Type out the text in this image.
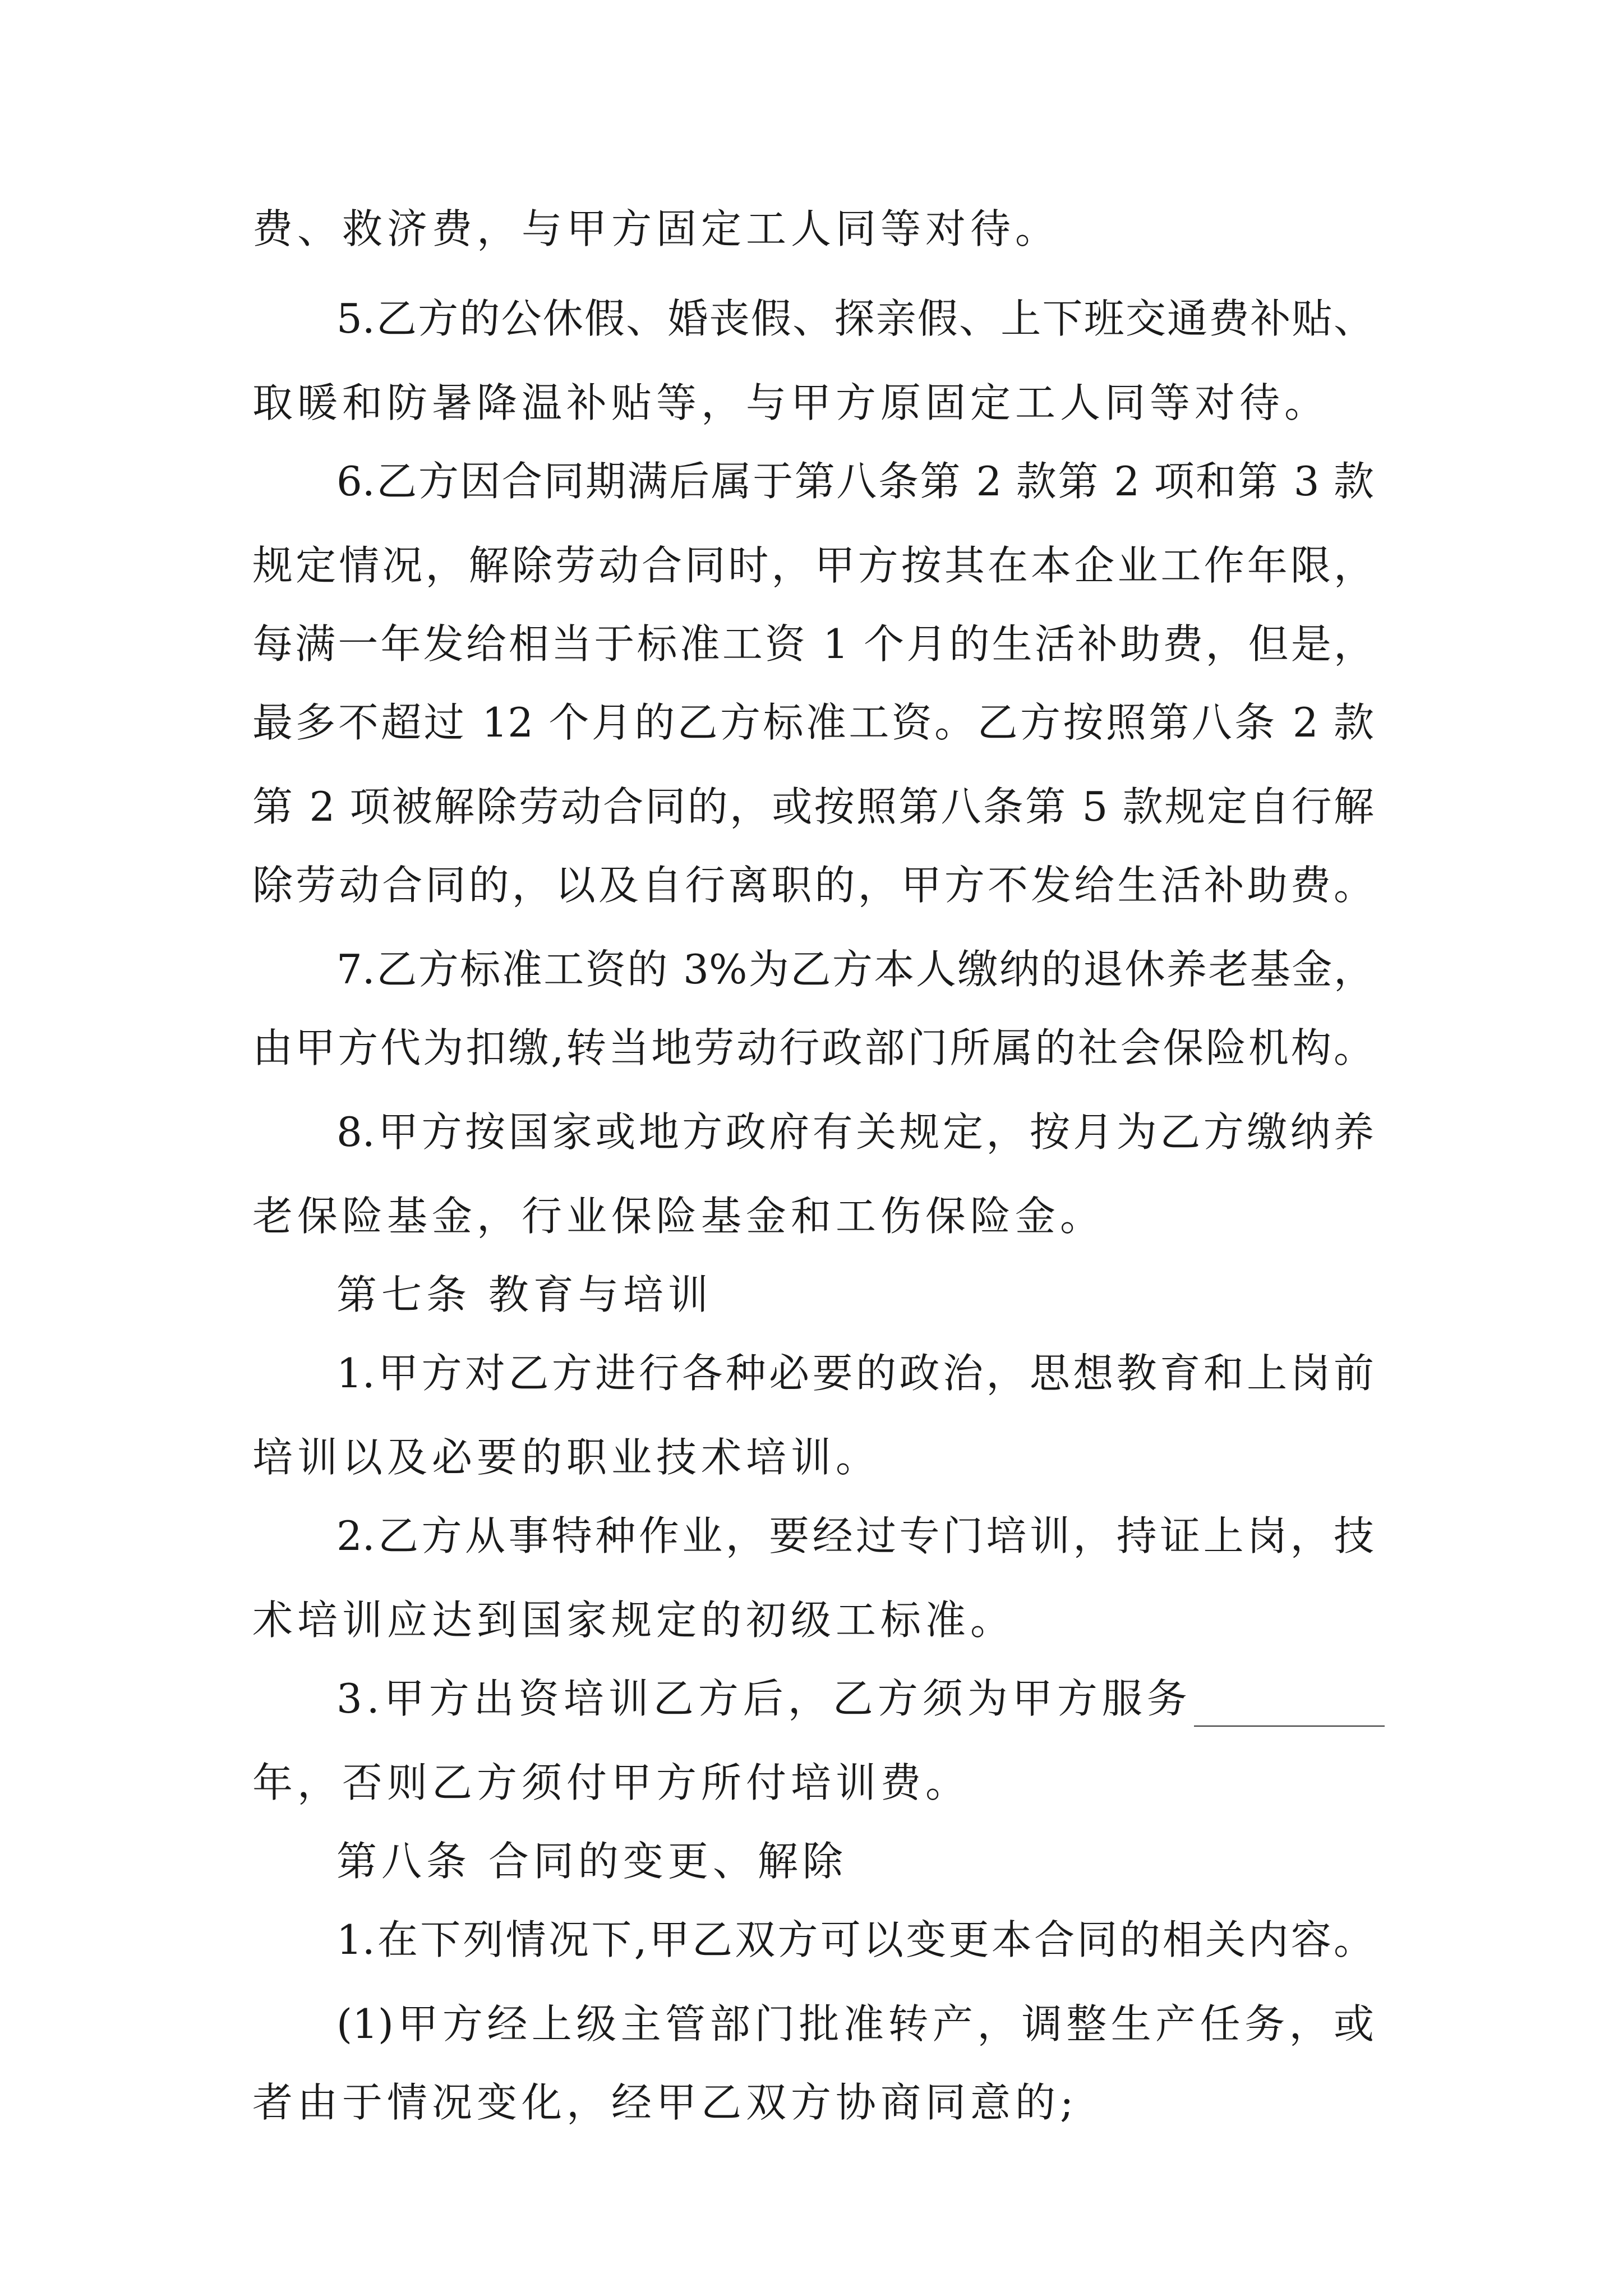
费、救济费，与甲方固定工人同等对待。
5.乙方的公休假、婚丧假、探亲假、上下班交通费补贴、
取暖和防暑降温补贴等，与甲方原固定工人同等对待。
6.乙方因合同期满后属于第八条第 2 款第 2 项和第 3 款
规定情况，解除劳动合同时，甲方按其在本企业工作年限，
每满一年发给相当于标准工资 1 个月的生活补助费，但是，
最多不超过 12 个月的乙方标准工资。乙方按照第八条 2 款
第 2 项被解除劳动合同的，或按照第八条第 5 款规定自行解
除劳动合同的，以及自行离职的，甲方不发给生活补助费。
7.乙方标准工资的 3%为乙方本人缴纳的退休养老基金，
由甲方代为扣缴,转当地劳动行政部门所属的社会保险机构。
8.甲方按国家或地方政府有关规定，按月为乙方缴纳养
老保险基金，行业保险基金和工伤保险金。
第七条 教育与培训
1.甲方对乙方进行各种必要的政治，思想教育和上岗前
培训以及必要的职业技术培训。
2.乙方从事特种作业，要经过专门培训，持证上岗，技
术培训应达到国家规定的初级工标准。
3.甲方出资培训乙方后，乙方须为甲方服务
年，否则乙方须付甲方所付培训费。
第八条 合同的变更、解除
1.在下列情况下,甲乙双方可以变更本合同的相关内容。
(1)甲方经上级主管部门批准转产，调整生产任务，或
者由于情况变化，经甲乙双方协商同意的;
